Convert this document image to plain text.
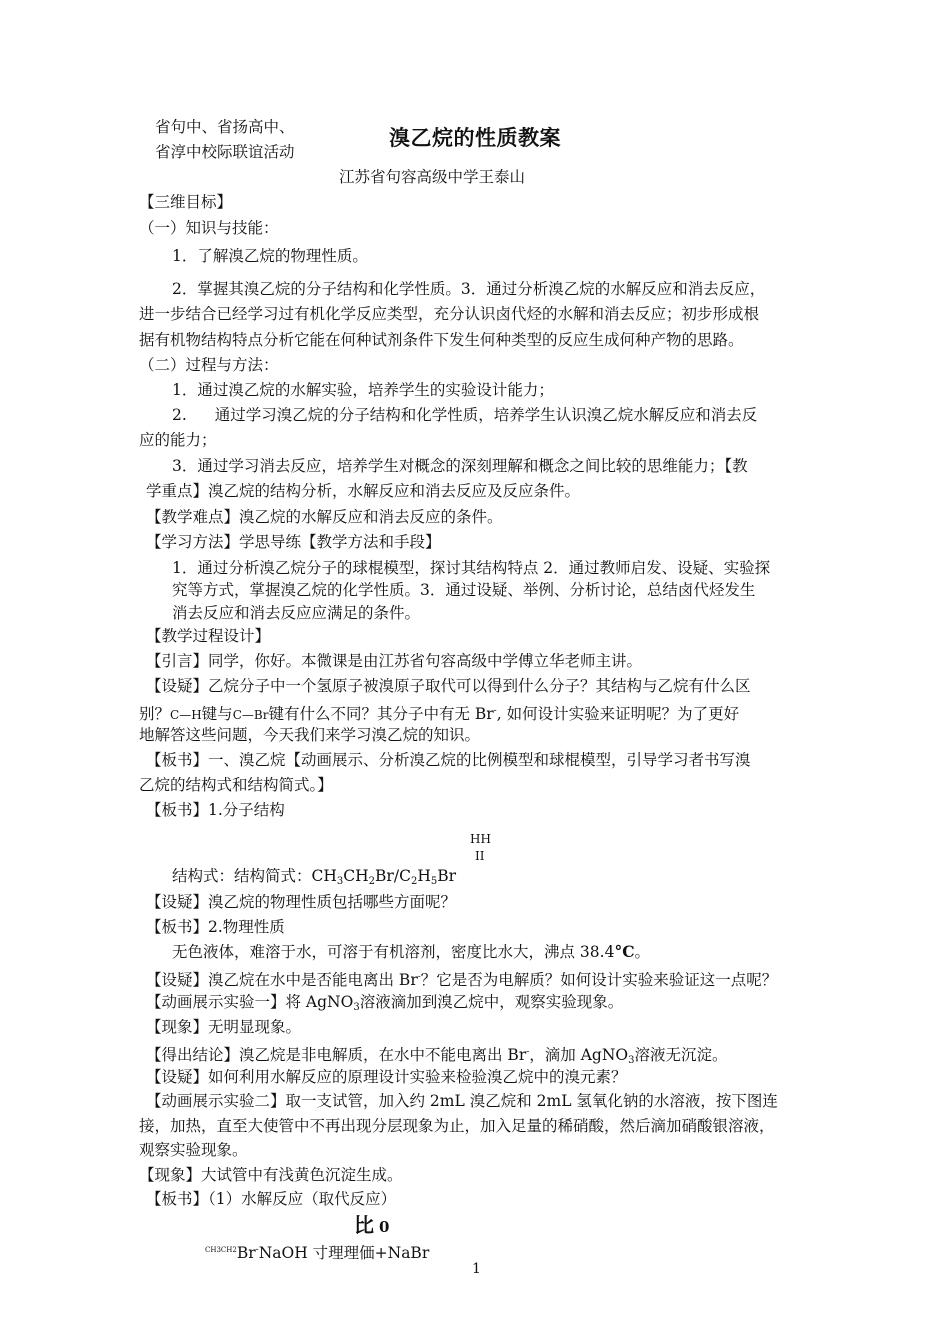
省句中、省扬高中、
省淳中校际联谊活动
溴乙烷的性质教案
江苏省句容高级中学王泰山
【三维目标】
（一）知识与技能：
1．了解溴乙烷的物理性质。
2．掌握其溴乙烷的分子结构和化学性质。3．通过分析溴乙烷的水解反应和消去反应，
进一步结合已经学习过有机化学反应类型，充分认识卤代烃的水解和消去反应；初步形成根
据有机物结构特点分析它能在何种试剂条件下发生何种类型的反应生成何种产物的思路。
（二）过程与方法：
1．通过溴乙烷的水解实验，培养学生的实验设计能力；
2. 通过学习溴乙烷的分子结构和化学性质，培养学生认识溴乙烷水解反应和消去反
应的能力；
3．通过学习消去反应，培养学生对概念的深刻理解和概念之间比较的思维能力；【教
学重点】溴乙烷的结构分析，水解反应和消去反应及反应条件。
【教学难点】溴乙烷的水解反应和消去反应的条件。
【学习方法】学思导练【教学方法和手段】
1．通过分析溴乙烷分子的球棍模型，探讨其结构特点 2．通过教师启发、设疑、实验探
究等方式，掌握溴乙烷的化学性质。3．通过设疑、举例、分析讨论，总结卤代烃发生
消去反应和消去反应应满足的条件。
【教学过程设计】
【引言】同学，你好。本微课是由江苏省句容高级中学傅立华老师主讲。
【设疑】乙烷分子中一个氢原子被溴原子取代可以得到什么分子？其结构与乙烷有什么区
别？C—H键与C—Br键有什么不同？其分子中有无 Br-, 如何设计实验来证明呢？为了更好
地解答这些问题，今天我们来学习溴乙烷的知识。
【板书】一、溴乙烷【动画展示、分析溴乙烷的比例模型和球棍模型，引导学习者书写溴
乙烷的结构式和结构简式。】
【板书】1.分子结构
HH
II
结构式：结构简式：$CH_3CH_2Br/C_2H_5Br$
【设疑】溴乙烷的物理性质包括哪些方面呢？
【板书】2.物理性质
无色液体，难溶于水，可溶于有机溶剂，密度比水大，沸点 38.4°C。
【设疑】溴乙烷在水中是否能电离出 Br-？它是否为电解质？如何设计实验来验证这一点呢？
【动画展示实验一】将 AgNO$_3$溶液滴加到溴乙烷中，观察实验现象。
【现象】无明显现象。
【得出结论】溴乙烷是非电解质，在水中不能电离出 Br-，滴加 AgNO$_3$溶液无沉淀。
【设疑】如何利用水解反应的原理设计实验来检验溴乙烷中的溴元素？
【动画展示实验二】取一支试管，加入约 2mL 溴乙烷和 2mL 氢氧化钠的水溶液，按下图连
接，加热，直至大使管中不再出现分层现象为止，加入足量的稀硝酸，然后滴加硝酸银溶液，
观察实验现象。
【现象】大试管中有浅黄色沉淀生成。
【板书】（1）水解反应（取代反应）
比 0
$^{CH3CH2}$Br-NaOH 寸理理価+NaBr
1
